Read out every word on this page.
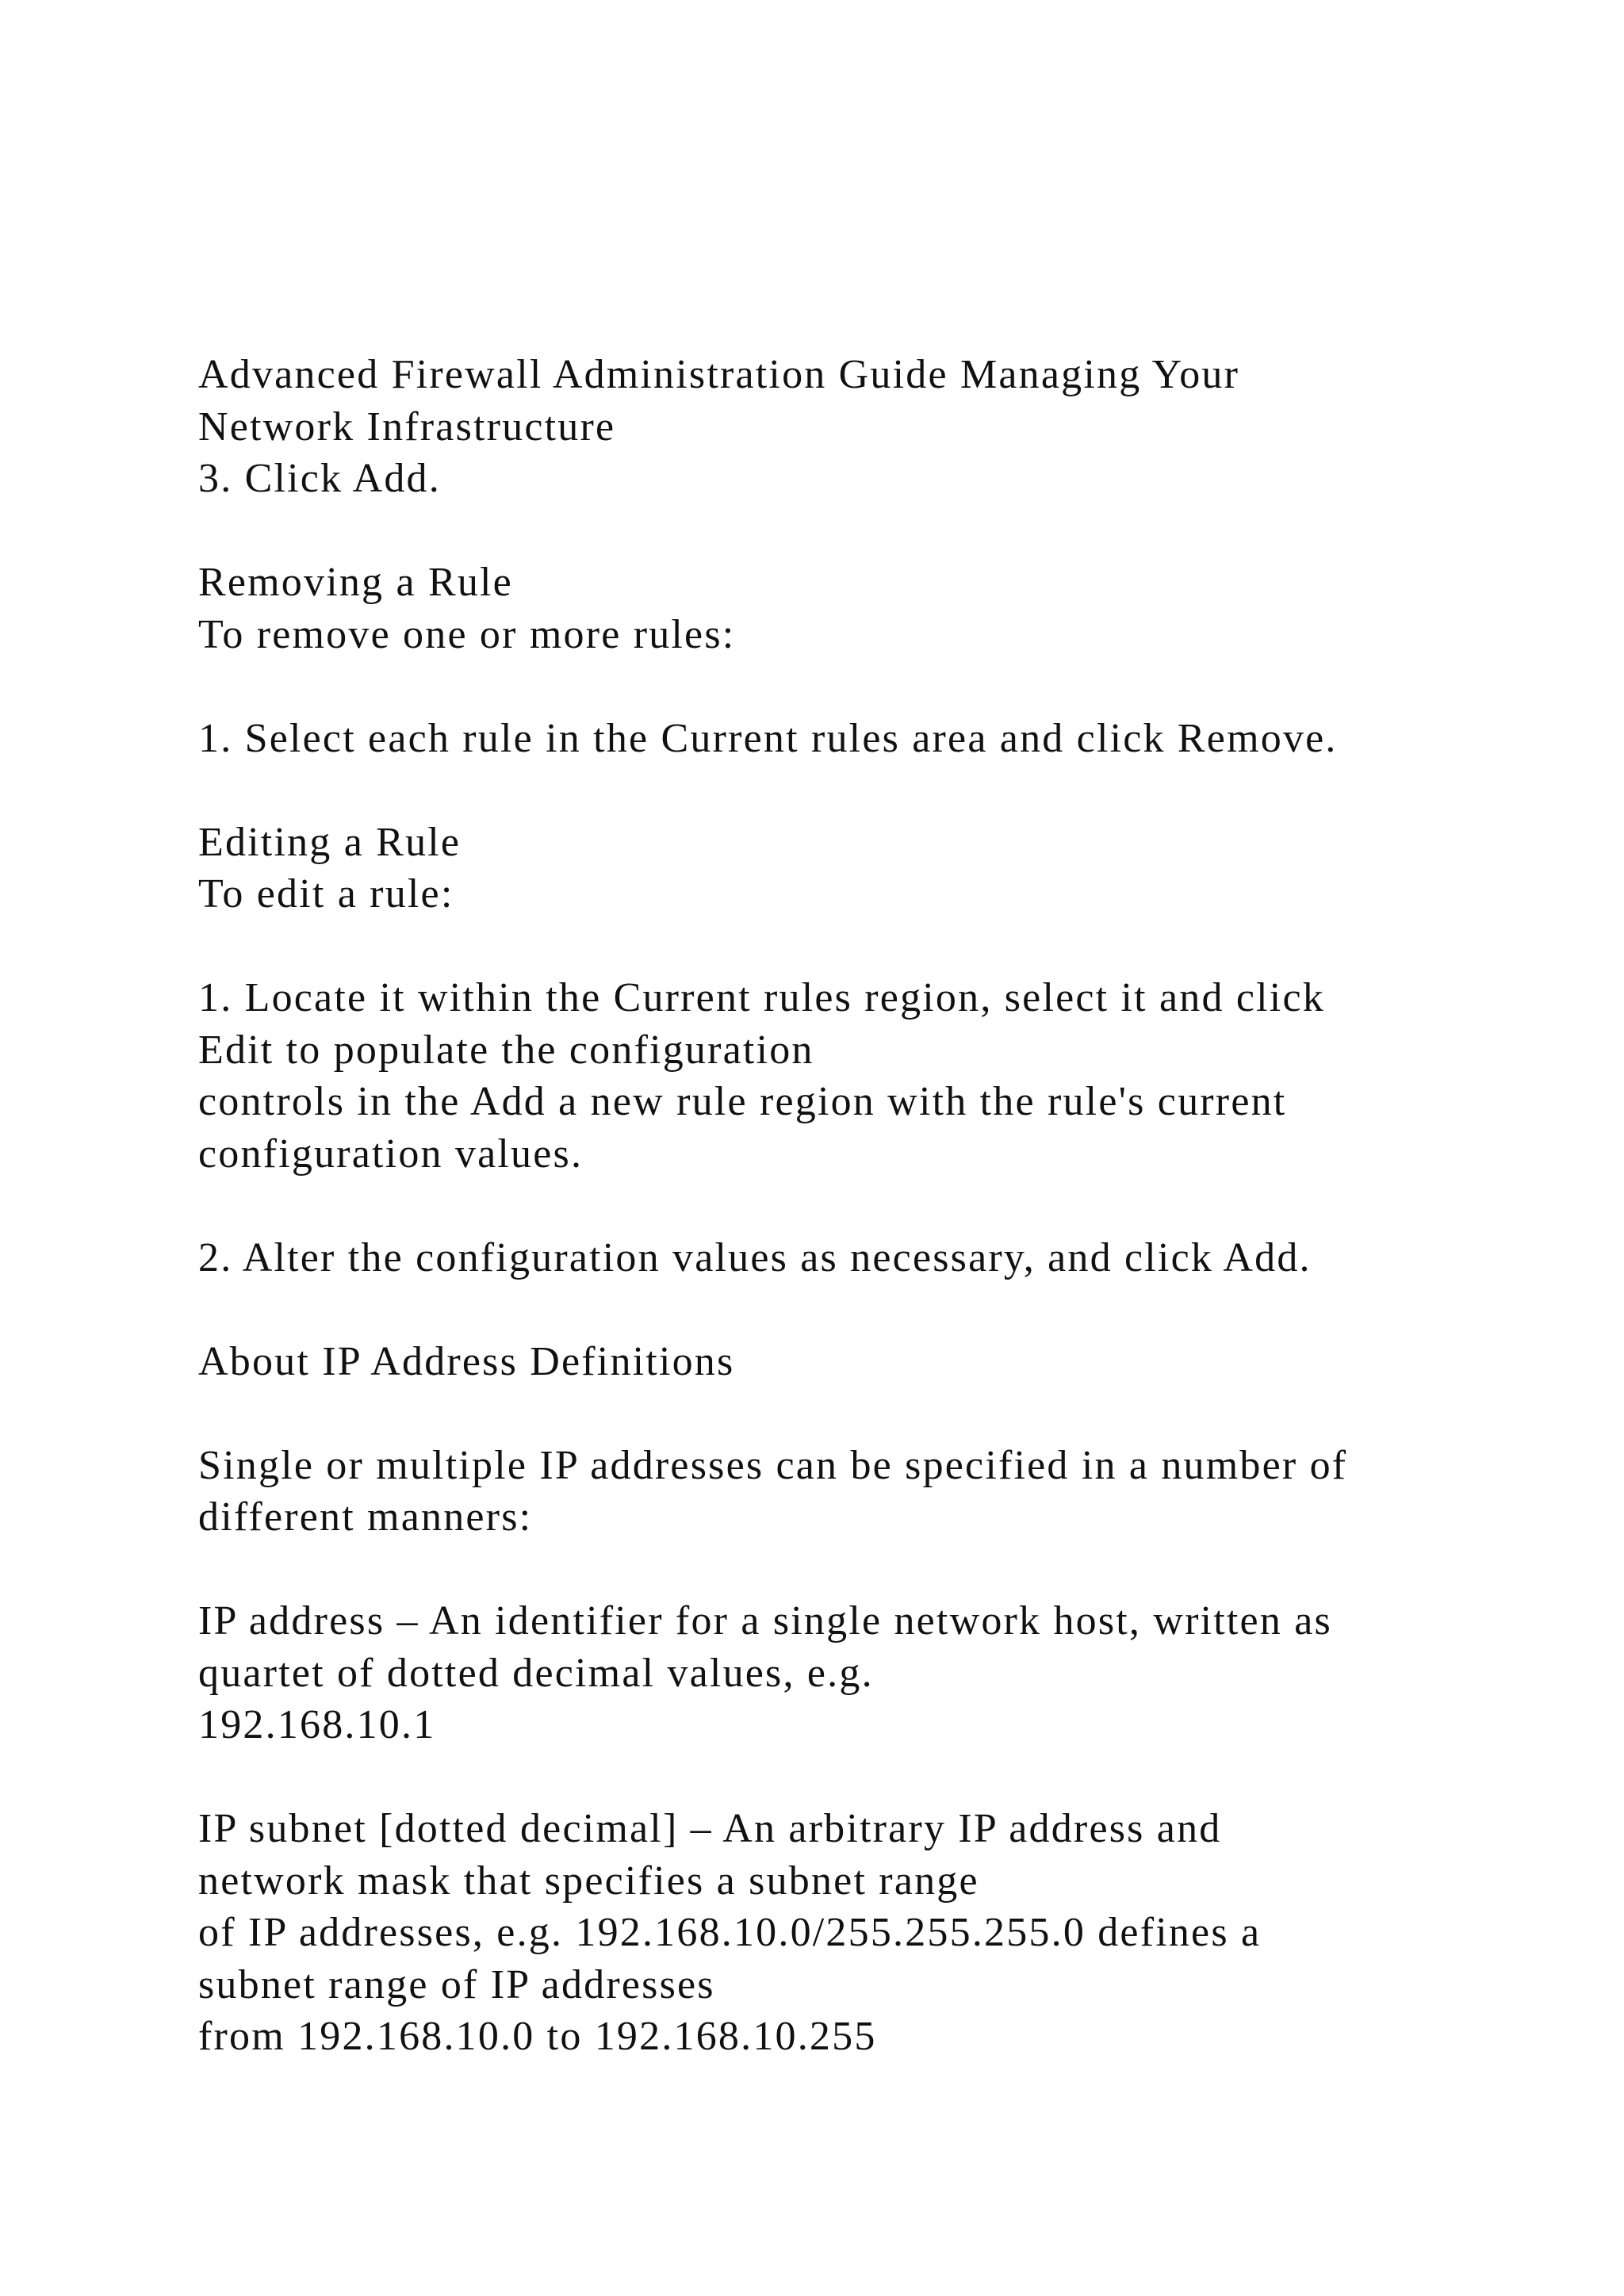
Advanced Firewall Administration Guide Managing Your
Network Infrastructure
3. Click Add.
Removing a Rule
To remove one or more rules:
1. Select each rule in the Current rules area and click Remove.
Editing a Rule
To edit a rule:
1. Locate it within the Current rules region, select it and click
Edit to populate the configuration
controls in the Add a new rule region with the rule's current
configuration values.
2. Alter the configuration values as necessary, and click Add.
About IP Address Definitions
Single or multiple IP addresses can be specified in a number of
different manners:
IP address – An identifier for a single network host, written as
quartet of dotted decimal values, e.g.
192.168.10.1
IP subnet [dotted decimal] – An arbitrary IP address and
network mask that specifies a subnet range
of IP addresses, e.g. 192.168.10.0/255.255.255.0 defines a
subnet range of IP addresses
from 192.168.10.0 to 192.168.10.255
